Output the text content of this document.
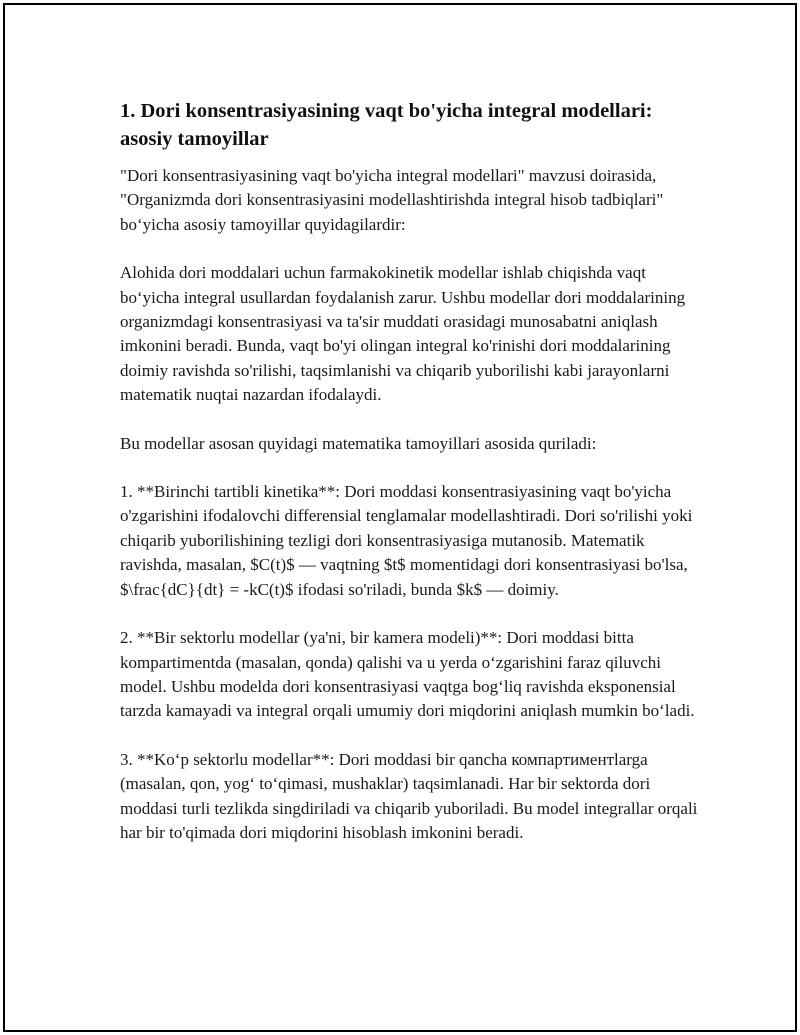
1. Dori konsentrasiyasining vaqt bo'yicha integral modellari: asosiy tamoyillar

"Dori konsentrasiyasining vaqt bo'yicha integral modellari" mavzusi doirasida, "Organizmda dori konsentrasiyasini modellashtirishda integral hisob tadbiqlari" bo‘yicha asosiy tamoyillar quyidagilardir:

Alohida dori moddalari uchun farmakokinetik modellar ishlab chiqishda vaqt bo‘yicha integral usullardan foydalanish zarur. Ushbu modellar dori moddalarining organizmdagi konsentrasiyasi va ta'sir muddati orasidagi munosabatni aniqlash imkonini beradi. Bunda, vaqt bo'yi olingan integral ko'rinishi dori moddalarining doimiy ravishda so'rilishi, taqsimlanishi va chiqarib yuborilishi kabi jarayonlarni matematik nuqtai nazardan ifodalaydi.

Bu modellar asosan quyidagi matematika tamoyillari asosida quriladi:

1. **Birinchi tartibli kinetika**: Dori moddasi konsentrasiyasining vaqt bo'yicha o'zgarishini ifodalovchi differensial tenglamalar modellashtiradi. Dori so'rilishi yoki chiqarib yuborilishining tezligi dori konsentrasiyasiga mutanosib. Matematik ravishda, masalan, $C(t)$ — vaqtning $t$ momentidagi dori konsentrasiyasi bo'lsa, $\frac{dC}{dt} = -kC(t)$ ifodasi so'riladi, bunda $k$ — doimiy.

2. **Bir sektorlu modellar (ya'ni, bir kamera modeli)**: Dori moddasi bitta kompartimentda (masalan, qonda) qalishi va u yerda o‘zgarishini faraz qiluvchi model. Ushbu modelda dori konsentrasiyasi vaqtga bog‘liq ravishda eksponensial tarzda kamayadi va integral orqali umumiy dori miqdorini aniqlash mumkin bo‘ladi.

3. **Ko‘p sektorlu modellar**: Dori moddasi bir qancha компартиментlarga (masalan, qon, yog‘ to‘qimasi, mushaklar) taqsimlanadi. Har bir sektorda dori moddasi turli tezlikda singdiriladi va chiqarib yuboriladi. Bu model integrallar orqali har bir to'qimada dori miqdorini hisoblash imkonini beradi.
